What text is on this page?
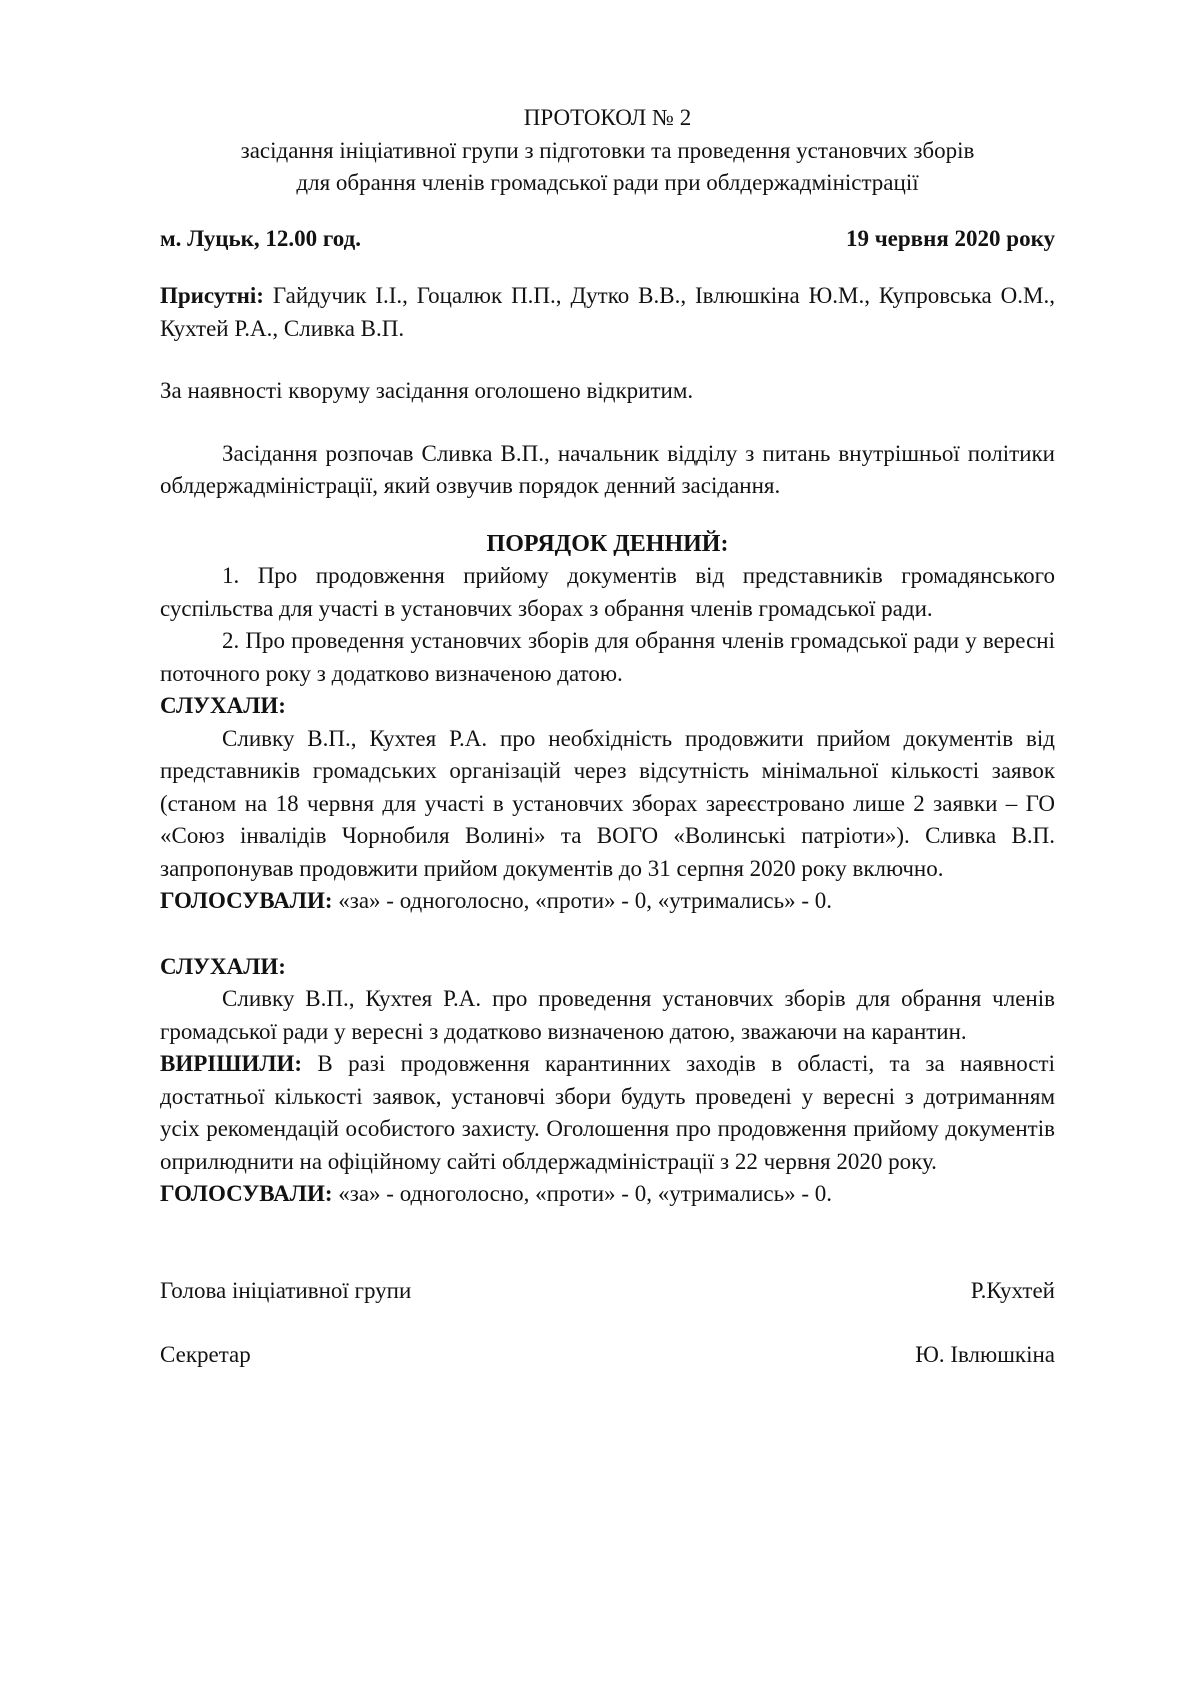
ПРОТОКОЛ № 2
засідання ініціативної групи з підготовки та проведення установчих зборів
для обрання членів громадської ради при облдержадміністрації
м. Луцьк, 12.00 год.	19 червня 2020 року

Присутні: Гайдучик І.І., Гоцалюк П.П., Дутко В.В., Івлюшкіна Ю.М., Купровська О.М., Кухтей Р.А., Сливка В.П.

За наявності кворуму засідання оголошено відкритим.

Засідання розпочав Сливка В.П., начальник відділу з питань внутрішньої політики облдержадміністрації, який озвучив порядок денний засідання.

ПОРЯДОК ДЕННИЙ:

1. Про продовження прийому документів від представників громадянського суспільства для участі в установчих зборах з обрання членів громадської ради.

2. Про проведення установчих зборів для обрання членів громадської ради у вересні поточного року з додатково визначеною датою.

СЛУХАЛИ:

Сливку В.П., Кухтея Р.А. про необхідність продовжити прийом документів від представників громадських організацій через відсутність мінімальної кількості заявок (станом на 18 червня для участі в установчих зборах зареєстровано лише 2 заявки – ГО «Союз інвалідів Чорнобиля Волині» та ВОГО «Волинські патріоти»). Сливка В.П. запропонував продовжити прийом документів до 31 серпня 2020 року включно.

ГОЛОСУВАЛИ: «за» - одноголосно, «проти» - 0, «утримались» - 0.

СЛУХАЛИ:

Сливку В.П., Кухтея Р.А. про проведення установчих зборів для обрання членів громадської ради у вересні з додатково визначеною датою, зважаючи на карантин.

ВИРІШИЛИ: В разі продовження карантинних заходів в області, та за наявності достатньої кількості заявок, установчі збори будуть проведені у вересні з дотриманням усіх рекомендацій особистого захисту. Оголошення про продовження прийому документів оприлюднити на офіційному сайті облдержадміністрації з 22 червня 2020 року.

ГОЛОСУВАЛИ: «за» - одноголосно, «проти» - 0, «утримались» - 0.

Голова ініціативної групи	Р.Кухтей
Секретар	Ю. Івлюшкіна
